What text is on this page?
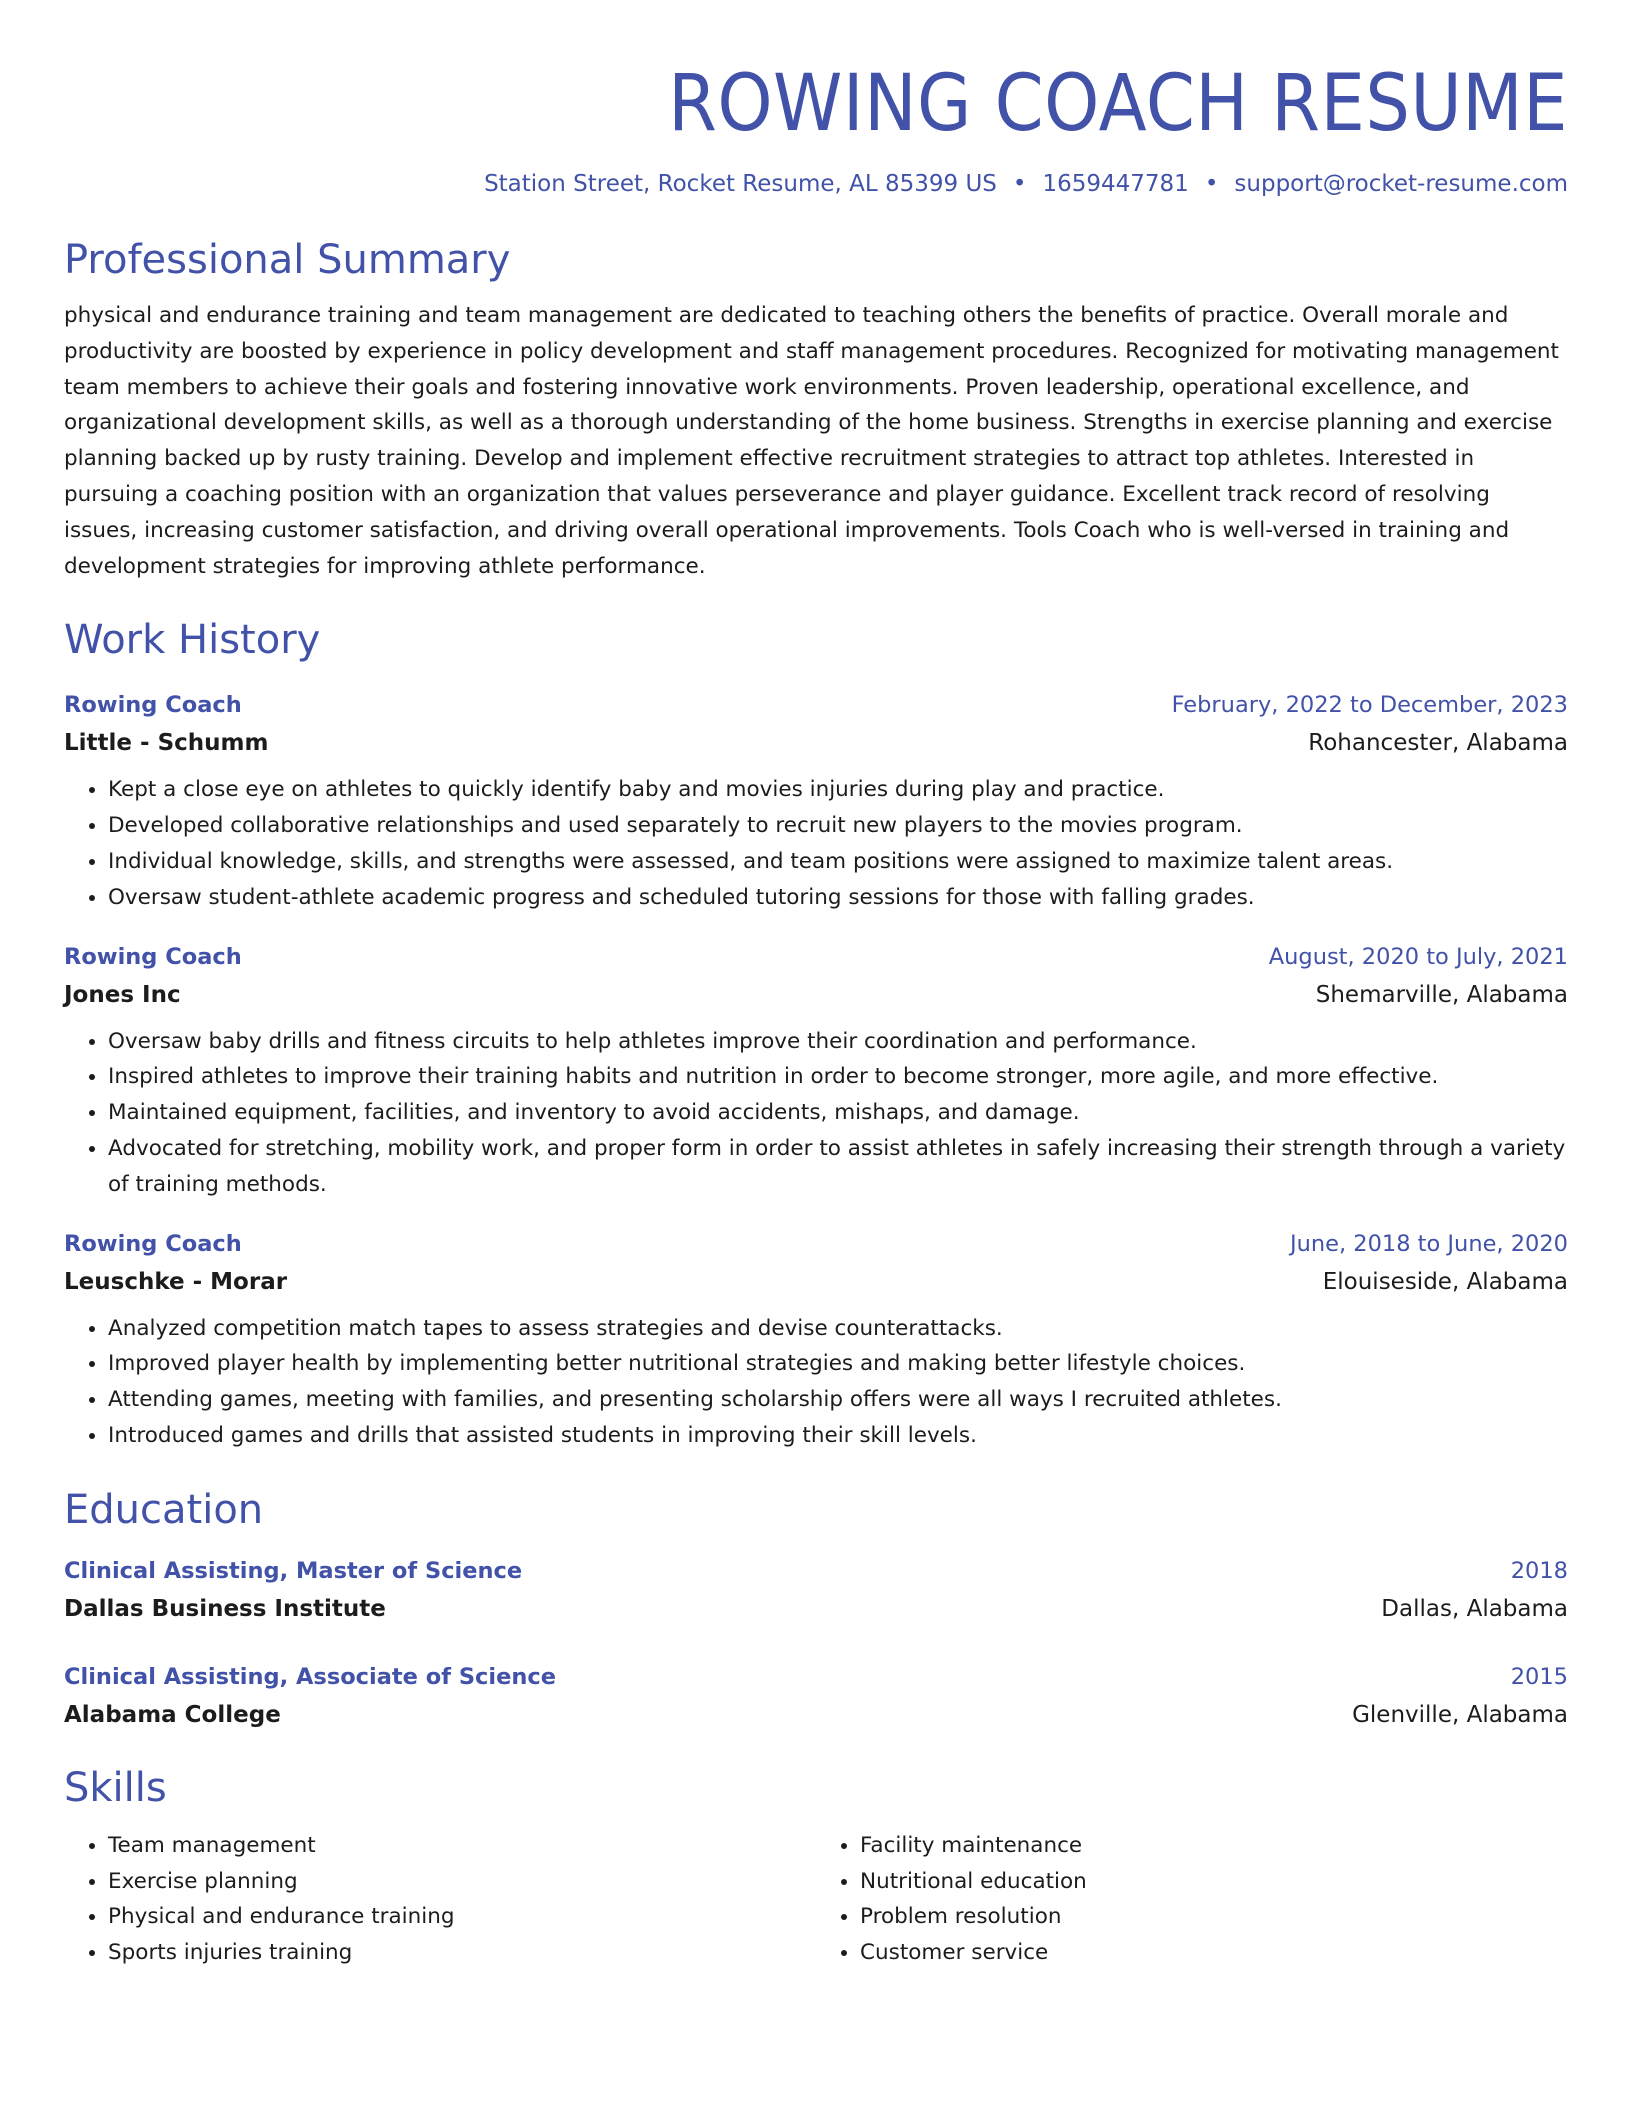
ROWING COACH RESUME
Station Street, Rocket Resume, AL 85399 US • 1659447781 • support@rocket-resume.com
Professional Summary
physical and endurance training and team management are dedicated to teaching others the benefits of practice. Overall morale and productivity are boosted by experience in policy development and staff management procedures. Recognized for motivating management team members to achieve their goals and fostering innovative work environments. Proven leadership, operational excellence, and organizational development skills, as well as a thorough understanding of the home business. Strengths in exercise planning and exercise planning backed up by rusty training. Develop and implement effective recruitment strategies to attract top athletes. Interested in pursuing a coaching position with an organization that values perseverance and player guidance. Excellent track record of resolving issues, increasing customer satisfaction, and driving overall operational improvements. Tools Coach who is well-versed in training and development strategies for improving athlete performance.
Work History
Rowing Coach	February, 2022 to December, 2023
Little - Schumm	Rohancester, Alabama
• Kept a close eye on athletes to quickly identify baby and movies injuries during play and practice.
• Developed collaborative relationships and used separately to recruit new players to the movies program.
• Individual knowledge, skills, and strengths were assessed, and team positions were assigned to maximize talent areas.
• Oversaw student-athlete academic progress and scheduled tutoring sessions for those with falling grades.
Rowing Coach	August, 2020 to July, 2021
Jones Inc	Shemarville, Alabama
• Oversaw baby drills and fitness circuits to help athletes improve their coordination and performance.
• Inspired athletes to improve their training habits and nutrition in order to become stronger, more agile, and more effective.
• Maintained equipment, facilities, and inventory to avoid accidents, mishaps, and damage.
• Advocated for stretching, mobility work, and proper form in order to assist athletes in safely increasing their strength through a variety of training methods.
Rowing Coach	June, 2018 to June, 2020
Leuschke - Morar	Elouiseside, Alabama
• Analyzed competition match tapes to assess strategies and devise counterattacks.
• Improved player health by implementing better nutritional strategies and making better lifestyle choices.
• Attending games, meeting with families, and presenting scholarship offers were all ways I recruited athletes.
• Introduced games and drills that assisted students in improving their skill levels.
Education
Clinical Assisting, Master of Science	2018
Dallas Business Institute	Dallas, Alabama
Clinical Assisting, Associate of Science	2015
Alabama College	Glenville, Alabama
Skills
• Team management
• Exercise planning
• Physical and endurance training
• Sports injuries training
• Facility maintenance
• Nutritional education
• Problem resolution
• Customer service
